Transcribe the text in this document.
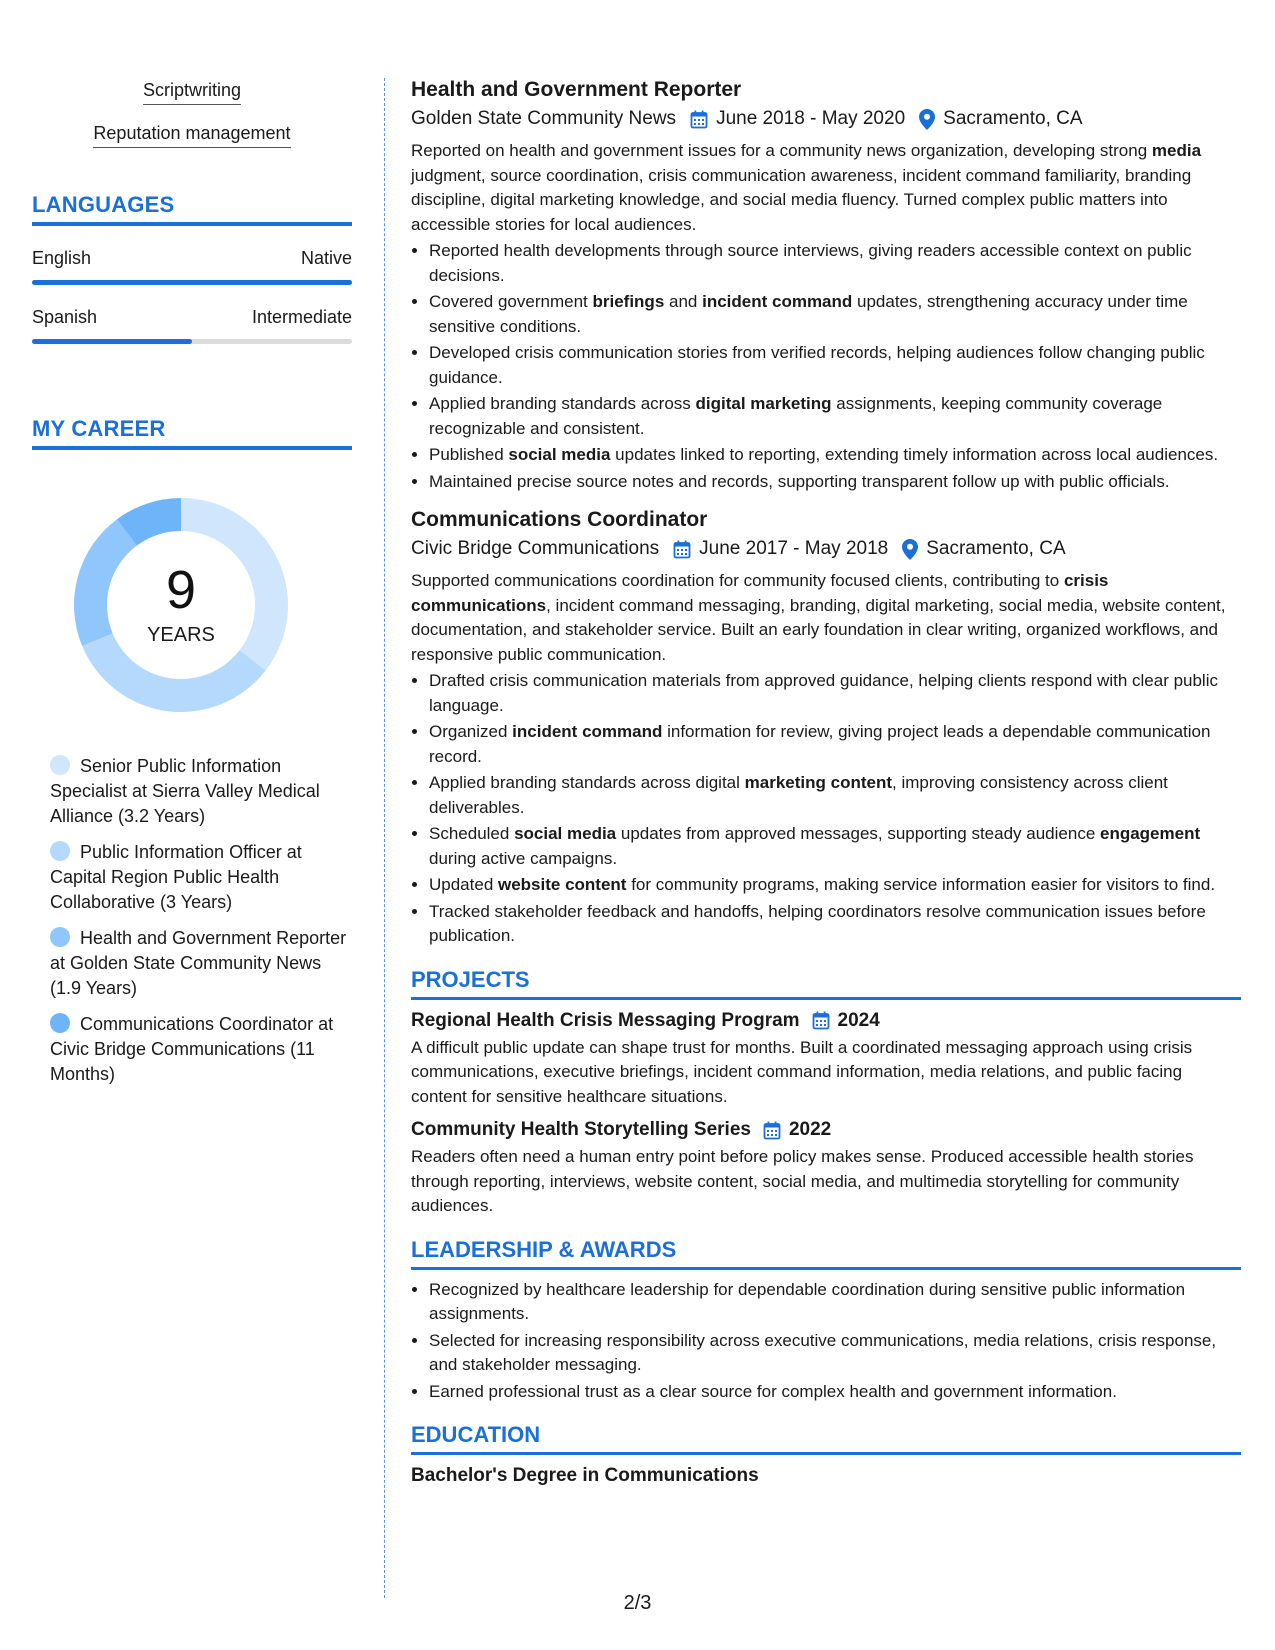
Scriptwriting
Reputation management
LANGUAGES
English	Native
Spanish	Intermediate
MY CAREER
9
YEARS
Senior Public Information Specialist at Sierra Valley Medical Alliance (3.2 Years)
Public Information Officer at Capital Region Public Health Collaborative (3 Years)
Health and Government Reporter at Golden State Community News (1.9 Years)
Communications Coordinator at Civic Bridge Communications (11 Months)
Health and Government Reporter
Golden State Community News June 2018 - May 2020 Sacramento, CA
Reported on health and government issues for a community news organization, developing strong media judgment, source coordination, crisis communication awareness, incident command familiarity, branding discipline, digital marketing knowledge, and social media fluency. Turned complex public matters into accessible stories for local audiences.
• Reported health developments through source interviews, giving readers accessible context on public decisions.
• Covered government briefings and incident command updates, strengthening accuracy under time sensitive conditions.
• Developed crisis communication stories from verified records, helping audiences follow changing public guidance.
• Applied branding standards across digital marketing assignments, keeping community coverage recognizable and consistent.
• Published social media updates linked to reporting, extending timely information across local audiences.
• Maintained precise source notes and records, supporting transparent follow up with public officials.
Communications Coordinator
Civic Bridge Communications June 2017 - May 2018 Sacramento, CA
Supported communications coordination for community focused clients, contributing to crisis communications, incident command messaging, branding, digital marketing, social media, website content, documentation, and stakeholder service. Built an early foundation in clear writing, organized workflows, and responsive public communication.
• Drafted crisis communication materials from approved guidance, helping clients respond with clear public language.
• Organized incident command information for review, giving project leads a dependable communication record.
• Applied branding standards across digital marketing content, improving consistency across client deliverables.
• Scheduled social media updates from approved messages, supporting steady audience engagement during active campaigns.
• Updated website content for community programs, making service information easier for visitors to find.
• Tracked stakeholder feedback and handoffs, helping coordinators resolve communication issues before publication.
PROJECTS
Regional Health Crisis Messaging Program 2024
A difficult public update can shape trust for months. Built a coordinated messaging approach using crisis communications, executive briefings, incident command information, media relations, and public facing content for sensitive healthcare situations.
Community Health Storytelling Series 2022
Readers often need a human entry point before policy makes sense. Produced accessible health stories through reporting, interviews, website content, social media, and multimedia storytelling for community audiences.
LEADERSHIP & AWARDS
• Recognized by healthcare leadership for dependable coordination during sensitive public information assignments.
• Selected for increasing responsibility across executive communications, media relations, crisis response, and stakeholder messaging.
• Earned professional trust as a clear source for complex health and government information.
EDUCATION
Bachelor's Degree in Communications
2/3
